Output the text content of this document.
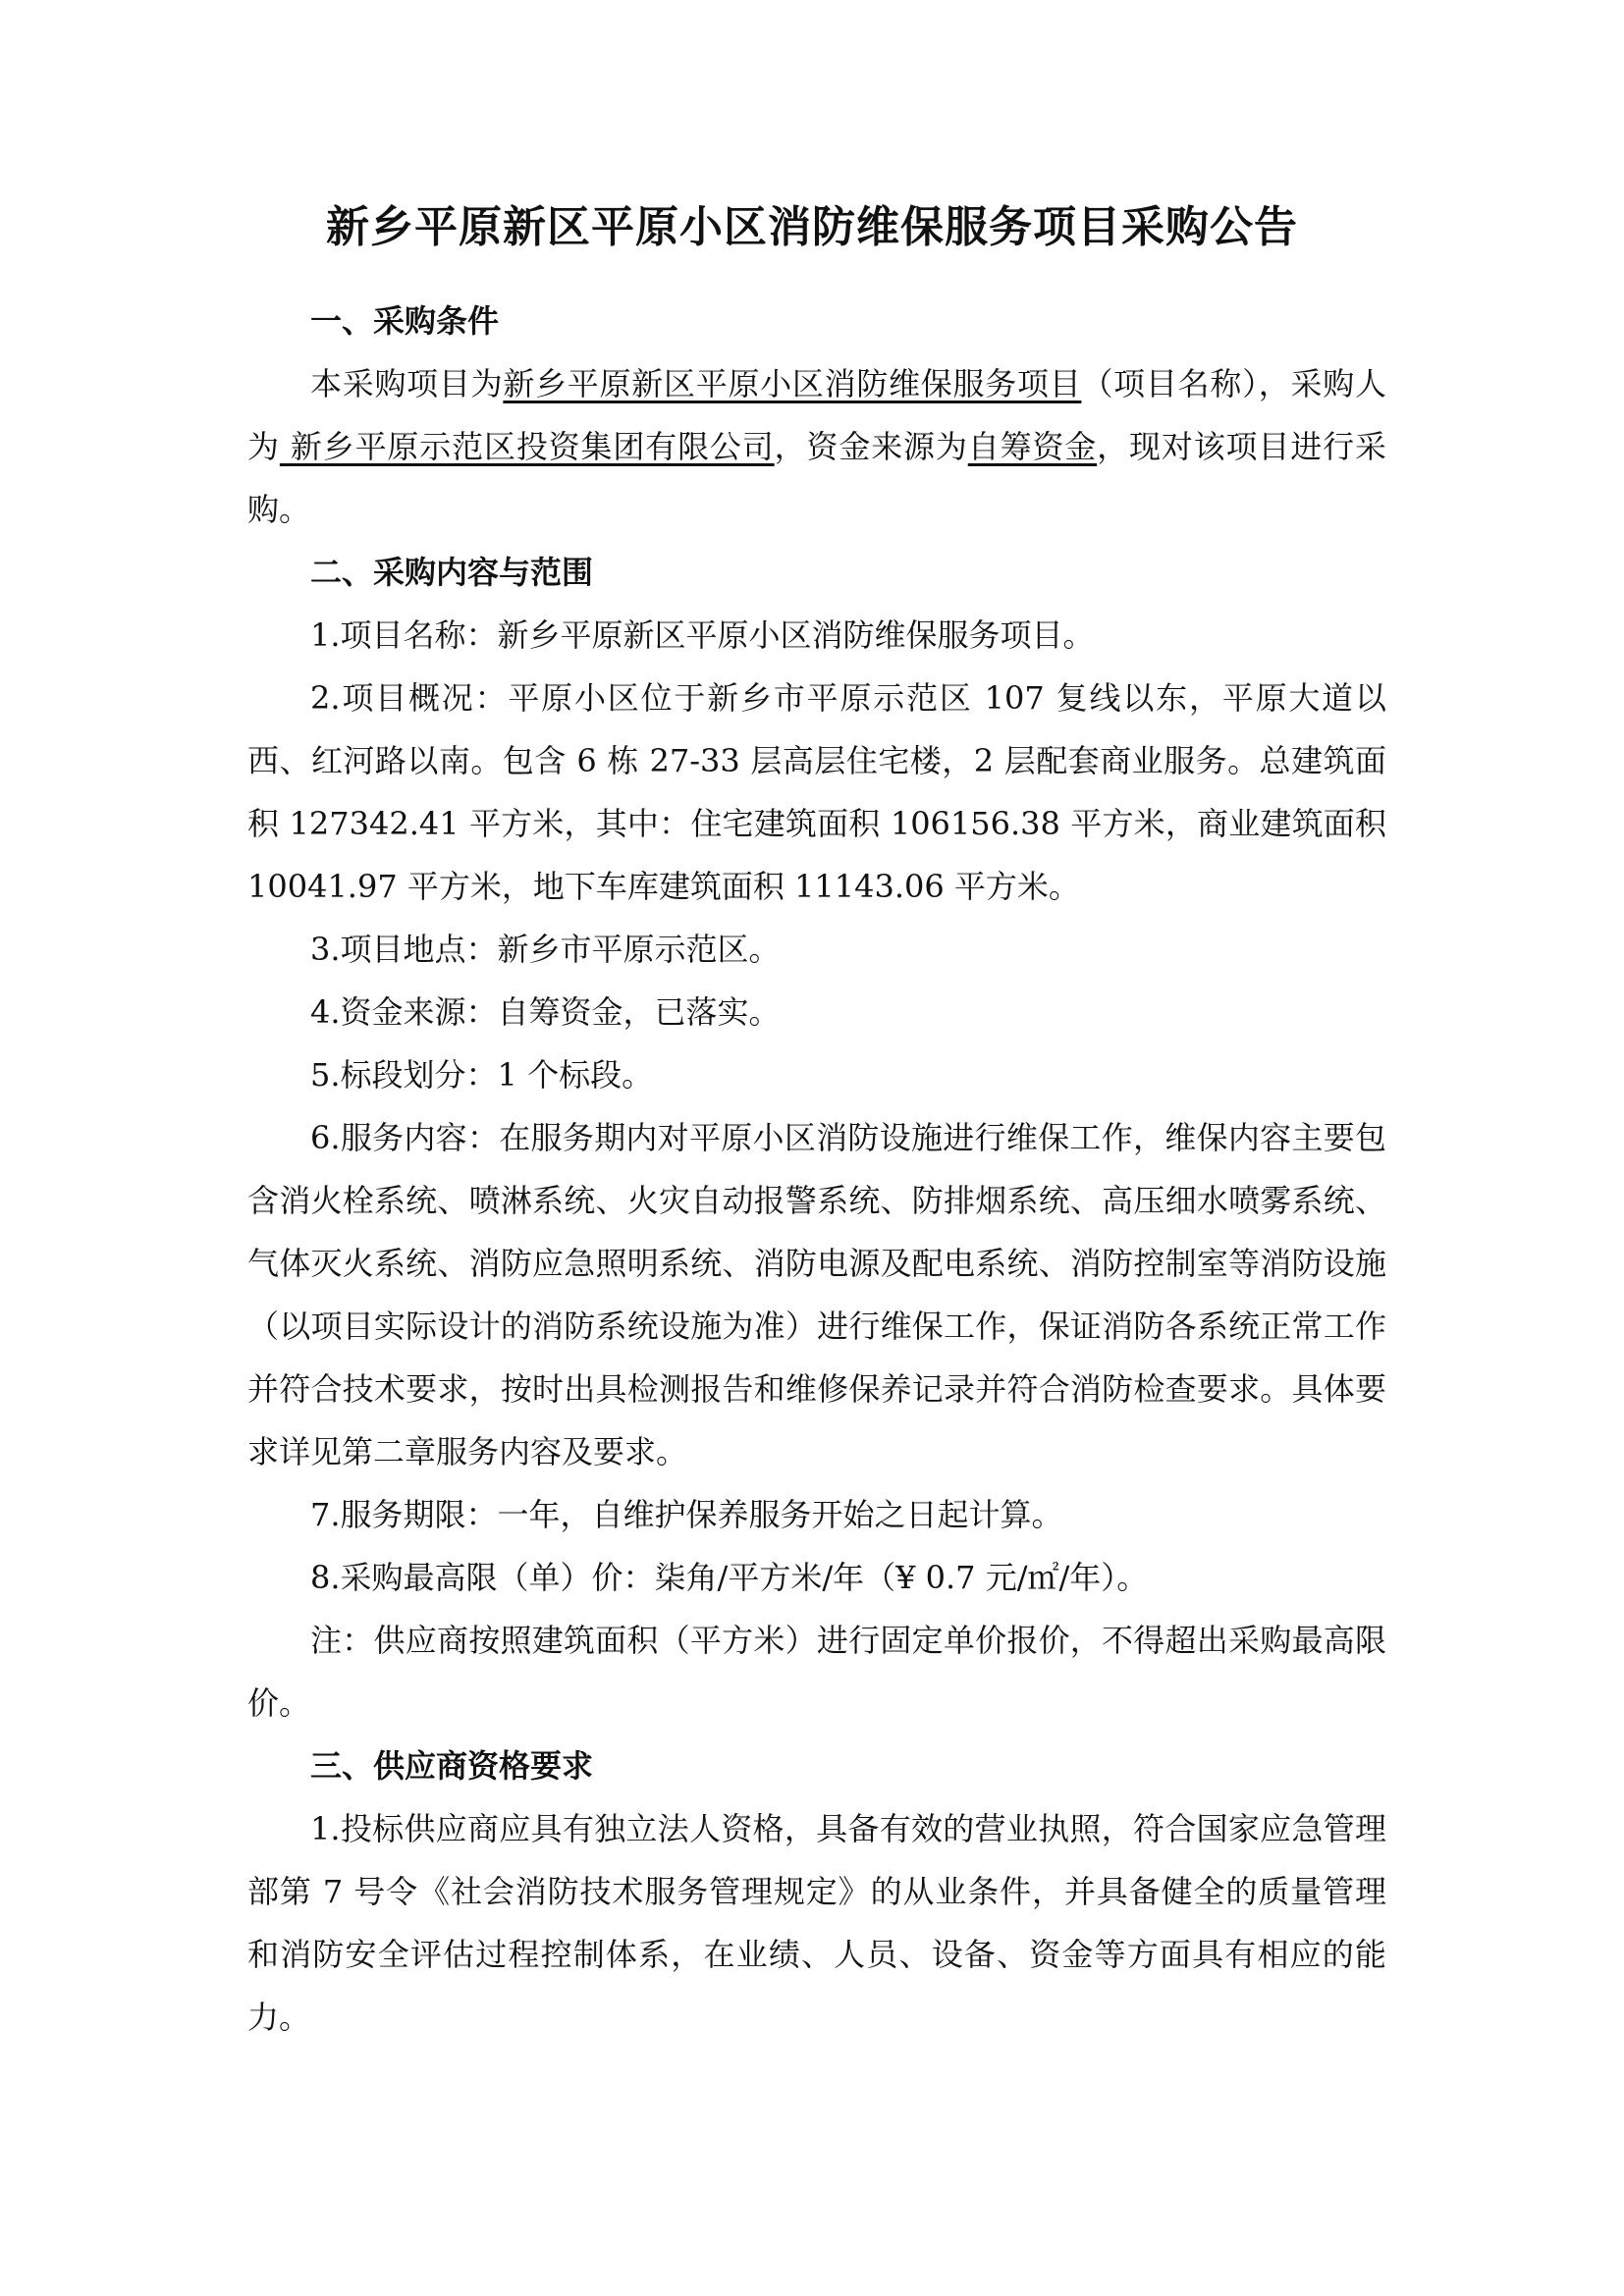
新乡平原新区平原小区消防维保服务项目采购公告

一、采购条件

本采购项目为新乡平原新区平原小区消防维保服务项目（项目名称），采购人为 新乡平原示范区投资集团有限公司，资金来源为自筹资金，现对该项目进行采购。

二、采购内容与范围

1.项目名称：新乡平原新区平原小区消防维保服务项目。

2.项目概况：平原小区位于新乡市平原示范区 107 复线以东，平原大道以西、红河路以南。包含 6 栋 27-33 层高层住宅楼，2 层配套商业服务。总建筑面积 127342.41 平方米，其中：住宅建筑面积 106156.38 平方米，商业建筑面积 10041.97 平方米，地下车库建筑面积 11143.06 平方米。

3.项目地点：新乡市平原示范区。

4.资金来源：自筹资金，已落实。

5.标段划分：1 个标段。

6.服务内容：在服务期内对平原小区消防设施进行维保工作，维保内容主要包含消火栓系统、喷淋系统、火灾自动报警系统、防排烟系统、高压细水喷雾系统、气体灭火系统、消防应急照明系统、消防电源及配电系统、消防控制室等消防设施（以项目实际设计的消防系统设施为准）进行维保工作，保证消防各系统正常工作并符合技术要求，按时出具检测报告和维修保养记录并符合消防检查要求。具体要求详见第二章服务内容及要求。

7.服务期限：一年，自维护保养服务开始之日起计算。

8.采购最高限（单）价：柒角/平方米/年（¥ 0.7 元/㎡/年）。

注：供应商按照建筑面积（平方米）进行固定单价报价，不得超出采购最高限价。

三、供应商资格要求

1.投标供应商应具有独立法人资格，具备有效的营业执照，符合国家应急管理部第 7 号令《社会消防技术服务管理规定》的从业条件，并具备健全的质量管理和消防安全评估过程控制体系，在业绩、人员、设备、资金等方面具有相应的能力。
